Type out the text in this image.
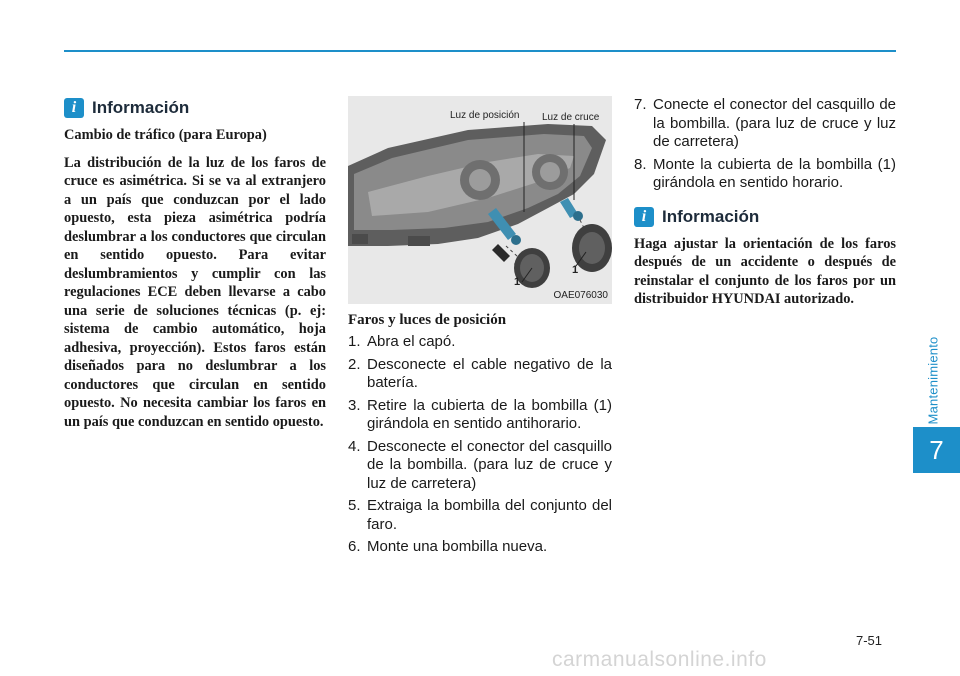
Mantenimiento
7
i Información

Cambio de tráfico (para Europa)

La distribución de la luz de los faros de cruce es asimétrica. Si se va al extranjero a un país que conduzcan por el lado opuesto, esta pieza asimétrica podría deslumbrar a los conductores que circulan en sentido opuesto. Para evitar deslumbramientos y cumplir con las regulaciones ECE deben llevarse a cabo una serie de soluciones técnicas (p. ej: sistema de cambio automático, hoja adhesiva, proyección). Estos faros están diseñados para no deslumbrar a los conductores que circulan en sentido opuesto. No necesita cambiar los faros en un país que conduzcan en sentido opuesto.

Luz de posición Luz de cruce
1
1
OAE076030
Faros y luces de posición
1. Abra el capó.
2. Desconecte el cable negativo de la batería.
3. Retire la cubierta de la bombilla (1) girándola en sentido antihorario.
4. Desconecte el conector del casquillo de la bombilla. (para luz de cruce y luz de carretera)
5. Extraiga la bombilla del conjunto del faro.
6. Monte una bombilla nueva.
7. Conecte el conector del casquillo de la bombilla. (para luz de cruce y luz de carretera)
8. Monte la cubierta de la bombilla (1) girándola en sentido horario.
i Información

Haga ajustar la orientación de los faros después de un accidente o después de reinstalar el conjunto de los faros por un distribuidor HYUNDAI autorizado.

7-51
carmanualsonline.info
